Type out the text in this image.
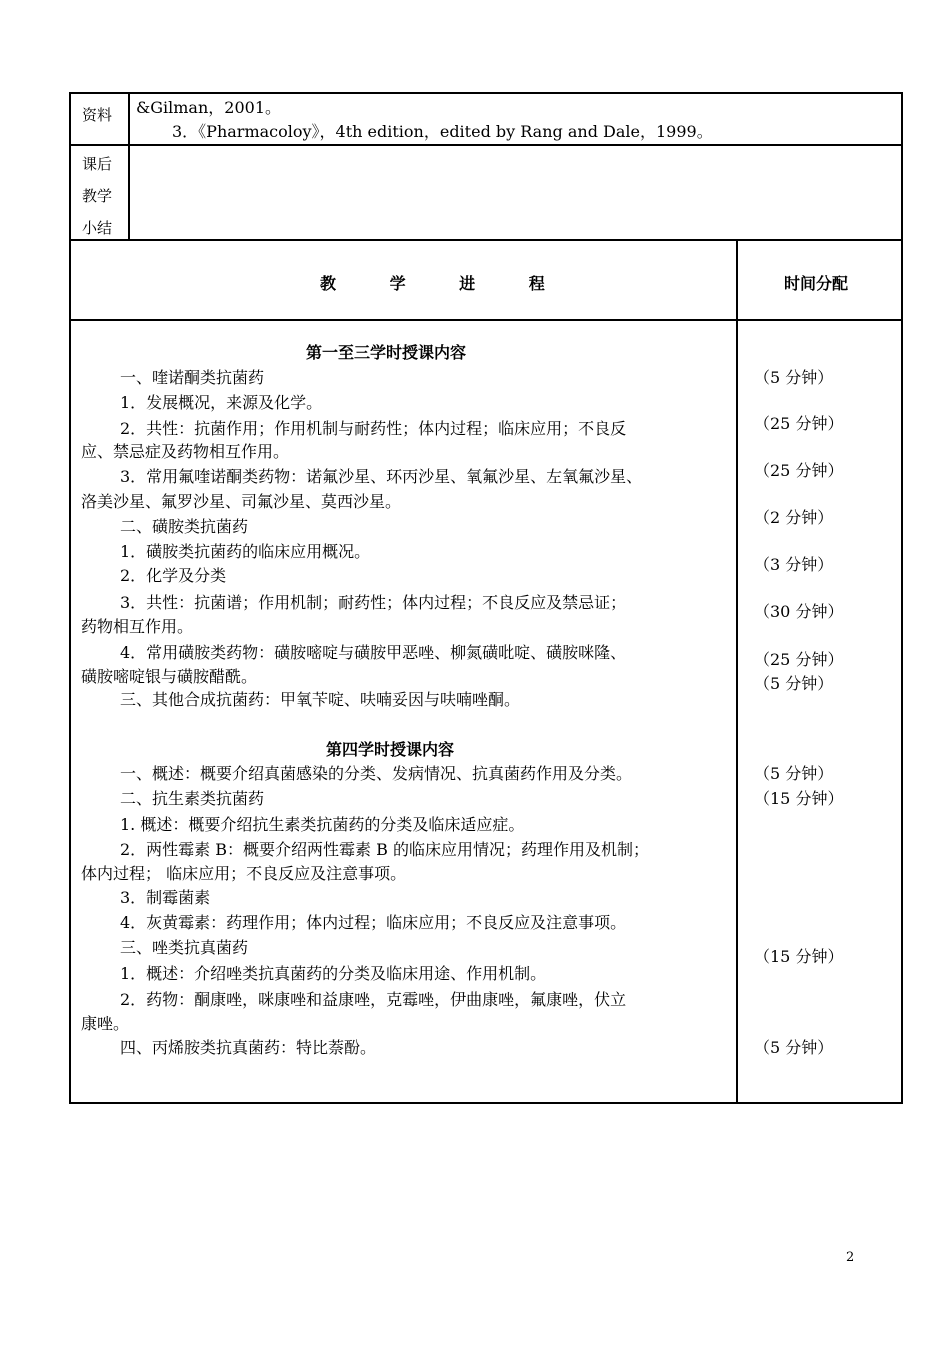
资料 &Gilman，2001。
3．《Pharmacoloy》，4th edition，edited by Rang and Dale，1999。
课后
教学
小结
教 学 进 程	时间分配
第一至三学时授课内容
一、喹诺酮类抗菌药
1．发展概况，来源及化学。
2．共性：抗菌作用；作用机制与耐药性；体内过程；临床应用；不良反
应、禁忌症及药物相互作用。
3．常用氟喹诺酮类药物：诺氟沙星、环丙沙星、氧氟沙星、左氧氟沙星、
洛美沙星、氟罗沙星、司氟沙星、莫西沙星。
二、磺胺类抗菌药
1．磺胺类抗菌药的临床应用概况。
2．化学及分类
3．共性：抗菌谱；作用机制；耐药性；体内过程；不良反应及禁忌证；
药物相互作用。
4．常用磺胺类药物：磺胺嘧啶与磺胺甲恶唑、柳氮磺吡啶、磺胺咪隆、
磺胺嘧啶银与磺胺醋酰。
三、其他合成抗菌药：甲氧苄啶、呋喃妥因与呋喃唑酮。
（5 分钟）
（25 分钟）
（25 分钟）
（2 分钟）
（3 分钟）
（30 分钟）
（25 分钟）
（5 分钟）
第四学时授课内容
一、概述：概要介绍真菌感染的分类、发病情况、抗真菌药作用及分类。
二、抗生素类抗菌药
1. 概述：概要介绍抗生素类抗菌药的分类及临床适应症。
2．两性霉素 B：概要介绍两性霉素 B 的临床应用情况；药理作用及机制；
体内过程； 临床应用；不良反应及注意事项。
3．制霉菌素
4．灰黄霉素：药理作用；体内过程；临床应用；不良反应及注意事项。
三、唑类抗真菌药
1．概述：介绍唑类抗真菌药的分类及临床用途、作用机制。
2．药物：酮康唑，咪康唑和益康唑，克霉唑，伊曲康唑，氟康唑，伏立
康唑。
四、丙烯胺类抗真菌药：特比萘酚。
（5 分钟）
（15 分钟）
（15 分钟）
（5 分钟）
2
